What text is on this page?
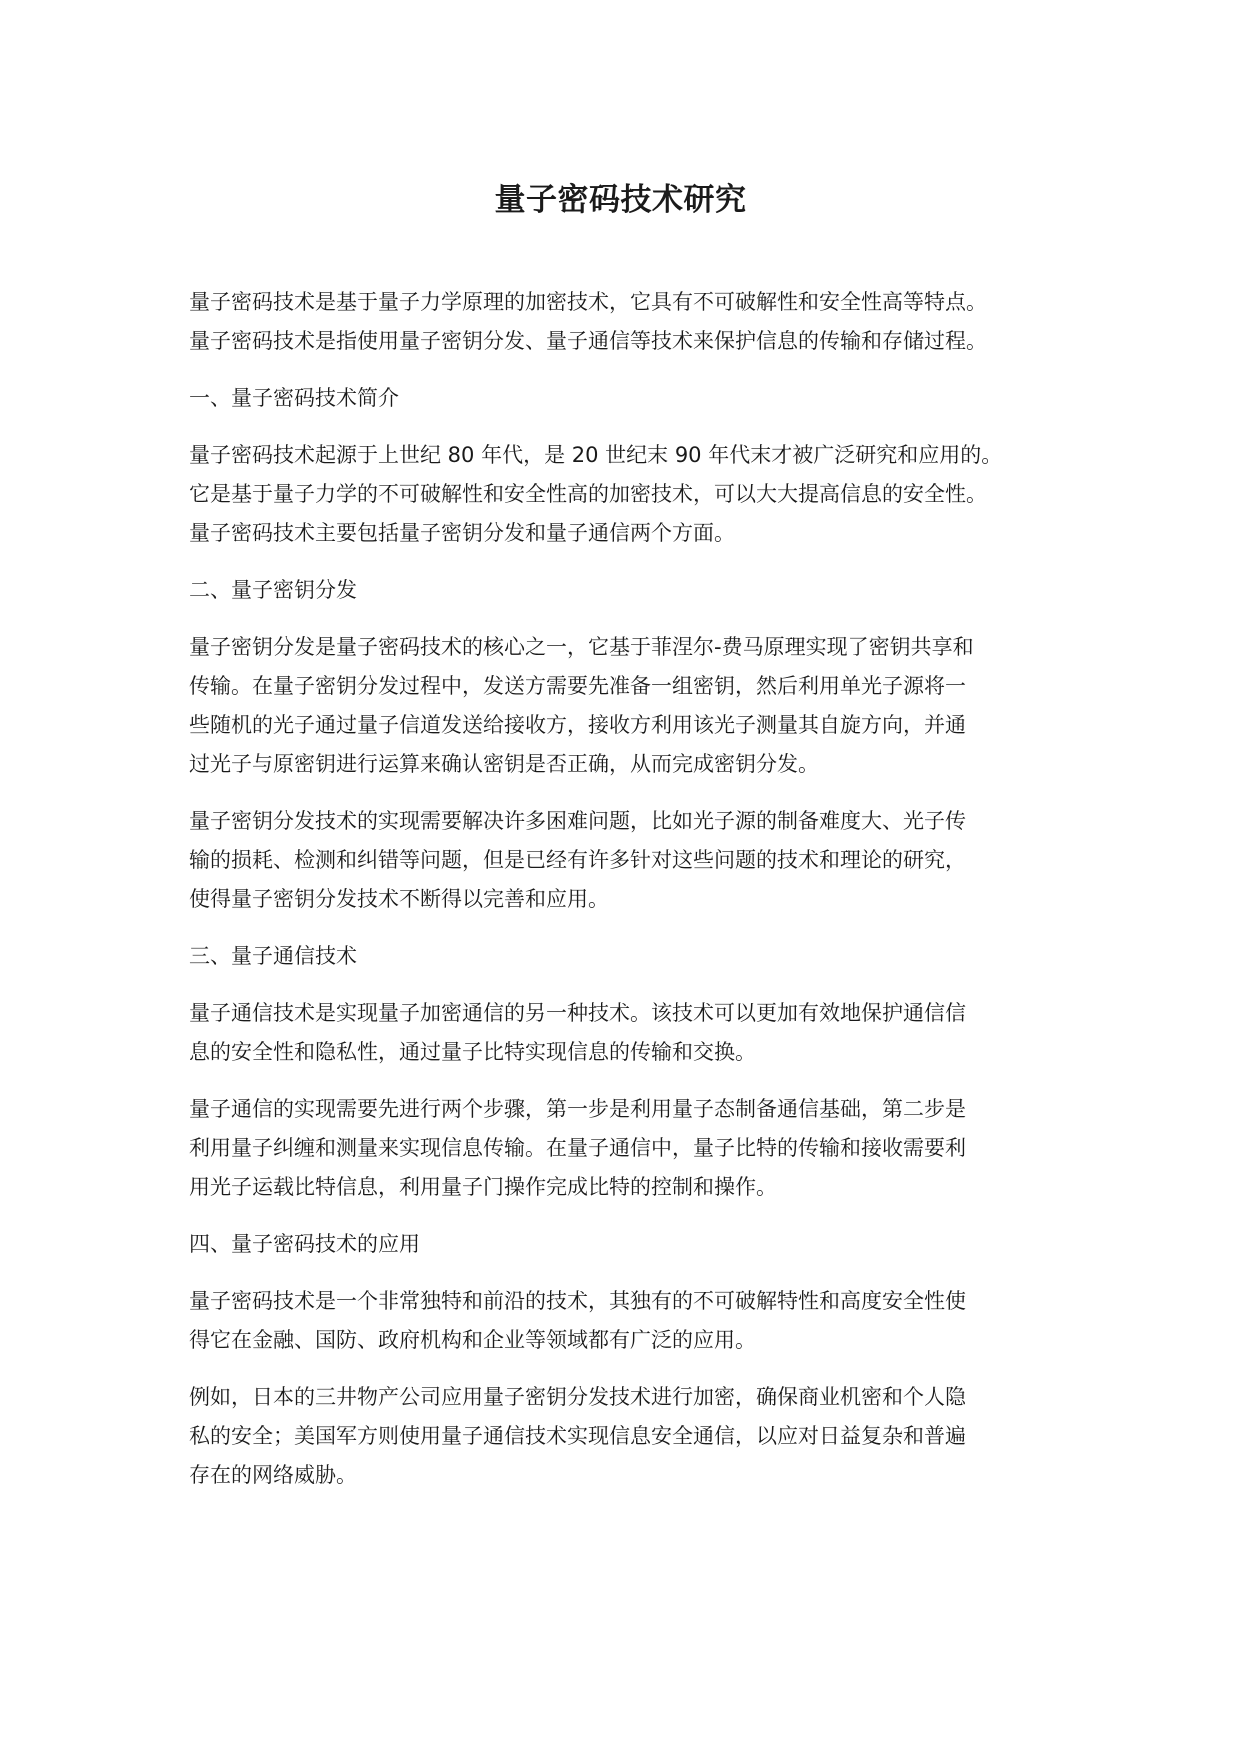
量子密码技术研究
量子密码技术是基于量子力学原理的加密技术，它具有不可破解性和安全性高等特点。
量子密码技术是指使用量子密钥分发、量子通信等技术来保护信息的传输和存储过程。
一、量子密码技术简介
量子密码技术起源于上世纪 80 年代，是 20 世纪末 90 年代末才被广泛研究和应用的。
它是基于量子力学的不可破解性和安全性高的加密技术，可以大大提高信息的安全性。
量子密码技术主要包括量子密钥分发和量子通信两个方面。
二、量子密钥分发
量子密钥分发是量子密码技术的核心之一，它基于菲涅尔-费马原理实现了密钥共享和
传输。在量子密钥分发过程中，发送方需要先准备一组密钥，然后利用单光子源将一
些随机的光子通过量子信道发送给接收方，接收方利用该光子测量其自旋方向，并通
过光子与原密钥进行运算来确认密钥是否正确，从而完成密钥分发。
量子密钥分发技术的实现需要解决许多困难问题，比如光子源的制备难度大、光子传
输的损耗、检测和纠错等问题，但是已经有许多针对这些问题的技术和理论的研究，
使得量子密钥分发技术不断得以完善和应用。
三、量子通信技术
量子通信技术是实现量子加密通信的另一种技术。该技术可以更加有效地保护通信信
息的安全性和隐私性，通过量子比特实现信息的传输和交换。
量子通信的实现需要先进行两个步骤，第一步是利用量子态制备通信基础，第二步是
利用量子纠缠和测量来实现信息传输。在量子通信中，量子比特的传输和接收需要利
用光子运载比特信息，利用量子门操作完成比特的控制和操作。
四、量子密码技术的应用
量子密码技术是一个非常独特和前沿的技术，其独有的不可破解特性和高度安全性使
得它在金融、国防、政府机构和企业等领域都有广泛的应用。
例如，日本的三井物产公司应用量子密钥分发技术进行加密，确保商业机密和个人隐
私的安全；美国军方则使用量子通信技术实现信息安全通信，以应对日益复杂和普遍
存在的网络威胁。
